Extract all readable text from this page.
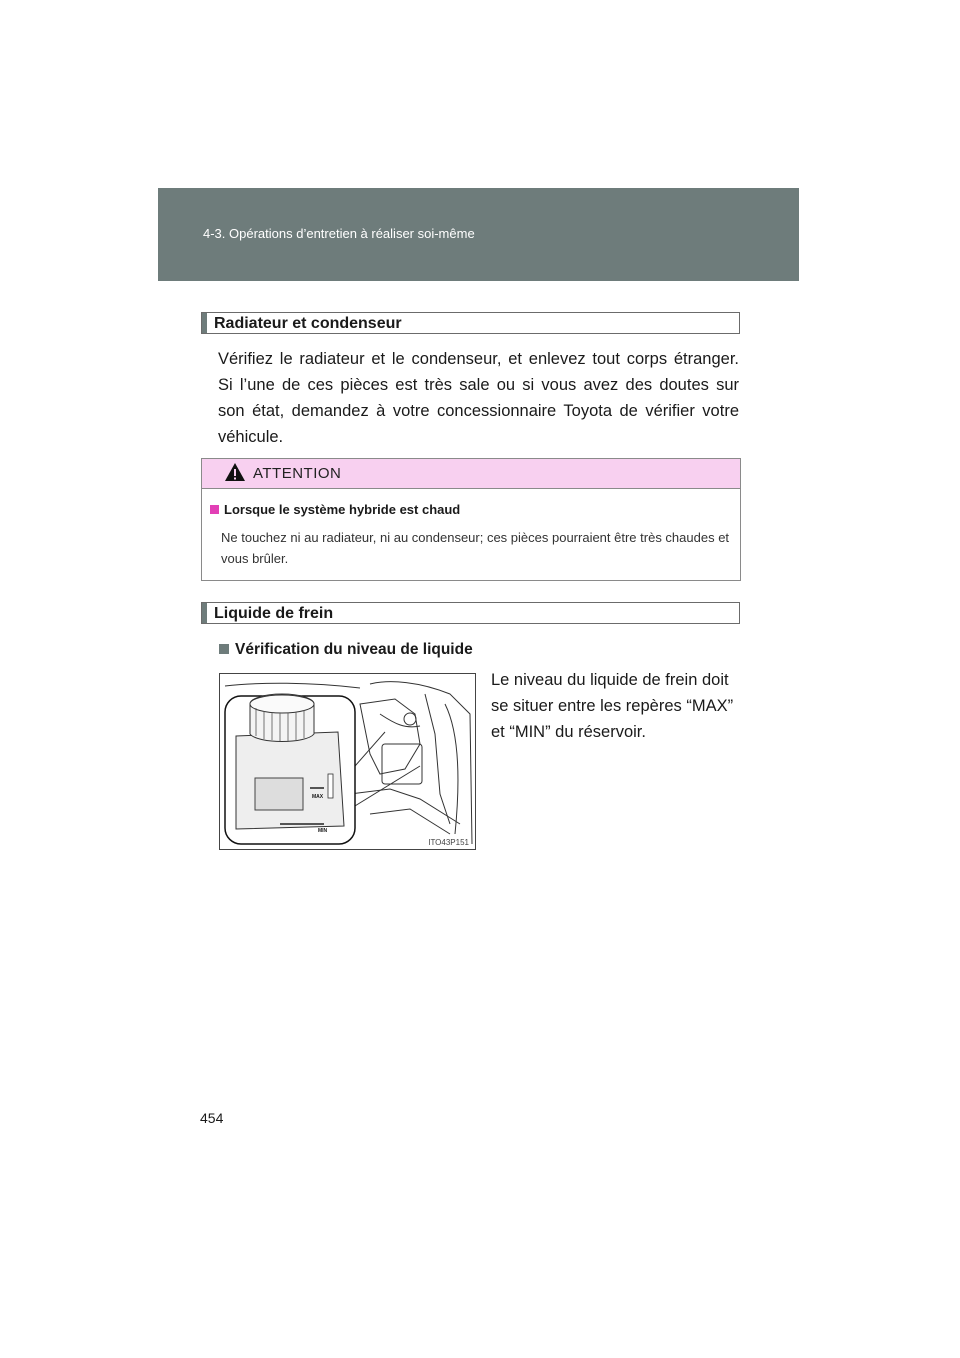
4-3. Opérations d’entretien à réaliser soi-même
Radiateur et condenseur
Vérifiez le radiateur et le condenseur, et enlevez tout corps étranger.
Si l’une de ces pièces est très sale ou si vous avez des doutes sur
son état, demandez à votre concessionnaire Toyota de vérifier votre
véhicule.
ATTENTION
Lorsque le système hybride est chaud

Ne touchez ni au radiateur, ni au condenseur; ces pièces pourraient être très chaudes et vous brûler.

Liquide de frein
Vérification du niveau de liquide

Le niveau du liquide de frein doit se situer entre les repères “MAX” et “MIN” du réservoir.

MAX
MIN
ITO43P151
454
